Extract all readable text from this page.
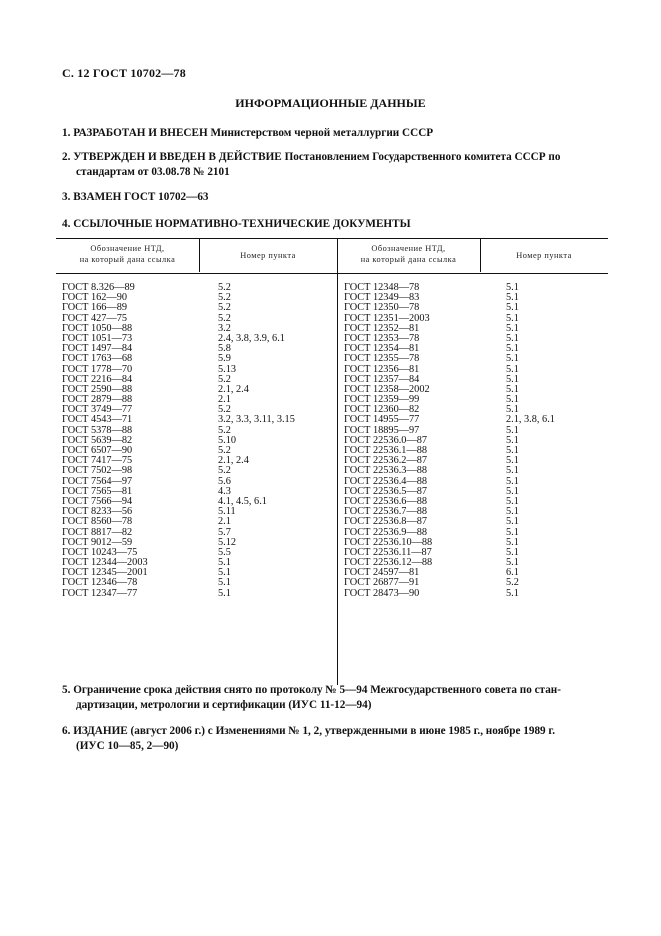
С. 12 ГОСТ 10702—78
ИНФОРМАЦИОННЫЕ ДАННЫЕ
1. РАЗРАБОТАН И ВНЕСЕН Министерством черной металлургии СССР
2. УТВЕРЖДЕН И ВВЕДЕН В ДЕЙСТВИЕ Постановлением Государственного комитета СССР по
стандартам от 03.08.78 № 2101
3. ВЗАМЕН ГОСТ 10702—63
4. ССЫЛОЧНЫЕ НОРМАТИВНО-ТЕХНИЧЕСКИЕ ДОКУМЕНТЫ
Обозначение НТД,
на который дана ссылка	Номер пункта
Обозначение НТД,
на который дана ссылка	Номер пункта
ГОСТ 8.326—89
ГОСТ 162—90
ГОСТ 166—89
ГОСТ 427—75
ГОСТ 1050—88
ГОСТ 1051—73
ГОСТ 1497—84
ГОСТ 1763—68
ГОСТ 1778—70
ГОСТ 2216—84
ГОСТ 2590—88
ГОСТ 2879—88
ГОСТ 3749—77
ГОСТ 4543—71
ГОСТ 5378—88
ГОСТ 5639—82
ГОСТ 6507—90
ГОСТ 7417—75
ГОСТ 7502—98
ГОСТ 7564—97
ГОСТ 7565—81
ГОСТ 7566—94
ГОСТ 8233—56
ГОСТ 8560—78
ГОСТ 8817—82
ГОСТ 9012—59
ГОСТ 10243—75
ГОСТ 12344—2003
ГОСТ 12345—2001
ГОСТ 12346—78
ГОСТ 12347—77
5.2
5.2
5.2
5.2
3.2
2.4, 3.8, 3.9, 6.1
5.8
5.9
5.13
5.2
2.1, 2.4
2.1
5.2
3.2, 3.3, 3.11, 3.15
5.2
5.10
5.2
2.1, 2.4
5.2
5.6
4.3
4.1, 4.5, 6.1
5.11
2.1
5.7
5.12
5.5
5.1
5.1
5.1
5.1
ГОСТ 12348—78
ГОСТ 12349—83
ГОСТ 12350—78
ГОСТ 12351—2003
ГОСТ 12352—81
ГОСТ 12353—78
ГОСТ 12354—81
ГОСТ 12355—78
ГОСТ 12356—81
ГОСТ 12357—84
ГОСТ 12358—2002
ГОСТ 12359—99
ГОСТ 12360—82
ГОСТ 14955—77
ГОСТ 18895—97
ГОСТ 22536.0—87
ГОСТ 22536.1—88
ГОСТ 22536.2—87
ГОСТ 22536.3—88
ГОСТ 22536.4—88
ГОСТ 22536.5—87
ГОСТ 22536.6—88
ГОСТ 22536.7—88
ГОСТ 22536.8—87
ГОСТ 22536.9—88
ГОСТ 22536.10—88
ГОСТ 22536.11—87
ГОСТ 22536.12—88
ГОСТ 24597—81
ГОСТ 26877—91
ГОСТ 28473—90
5.1
5.1
5.1
5.1
5.1
5.1
5.1
5.1
5.1
5.1
5.1
5.1
5.1
2.1, 3.8, 6.1
5.1
5.1
5.1
5.1
5.1
5.1
5.1
5.1
5.1
5.1
5.1
5.1
5.1
5.1
6.1
5.2
5.1
5. Ограничение срока действия снято по протоколу № 5—94 Межгосударственного совета по стан-
дартизации, метрологии и сертификации (ИУС 11-12—94)
6. ИЗДАНИЕ (август 2006 г.) с Изменениями № 1, 2, утвержденными в июне 1985 г., ноябре 1989 г.
(ИУС 10—85, 2—90)
